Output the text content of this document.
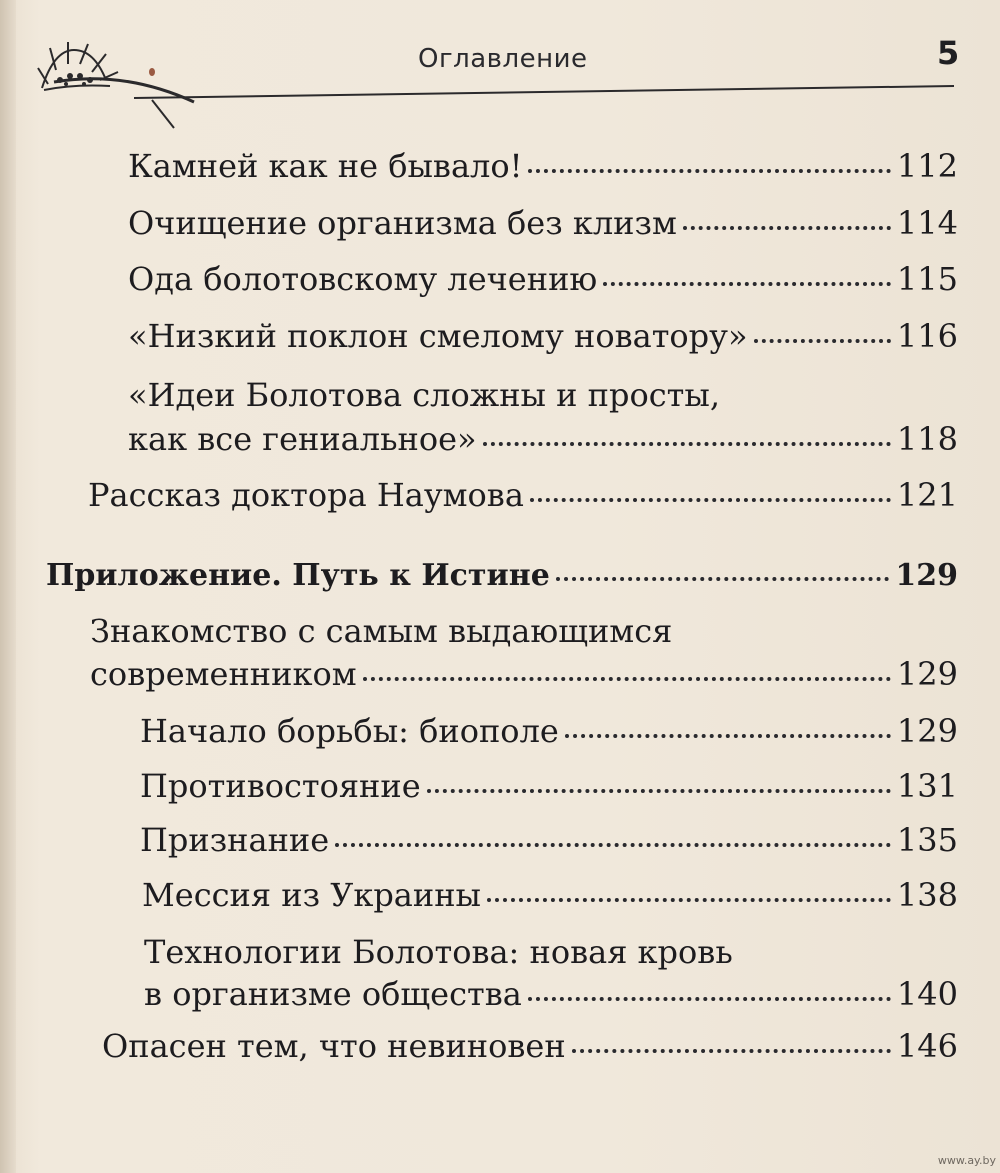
Оглавление	5
Камней как не бывало!	112
Очищение организма без клизм	114
Ода болотовскому лечению	115
«Низкий поклон смелому новатору»	116
«Идеи Болотова сложны и просты,
как все гениальное»	118
Рассказ доктора Наумова	121
Приложение. Путь к Истине	129
Знакомство с самым выдающимся
современником	129
Начало борьбы: биополе	129
Противостояние	131
Признание	135
Мессия из Украины	138
Технологии Болотова: новая кровь
в организме общества	140
Опасен тем, что невиновен	146
www.ay.by
